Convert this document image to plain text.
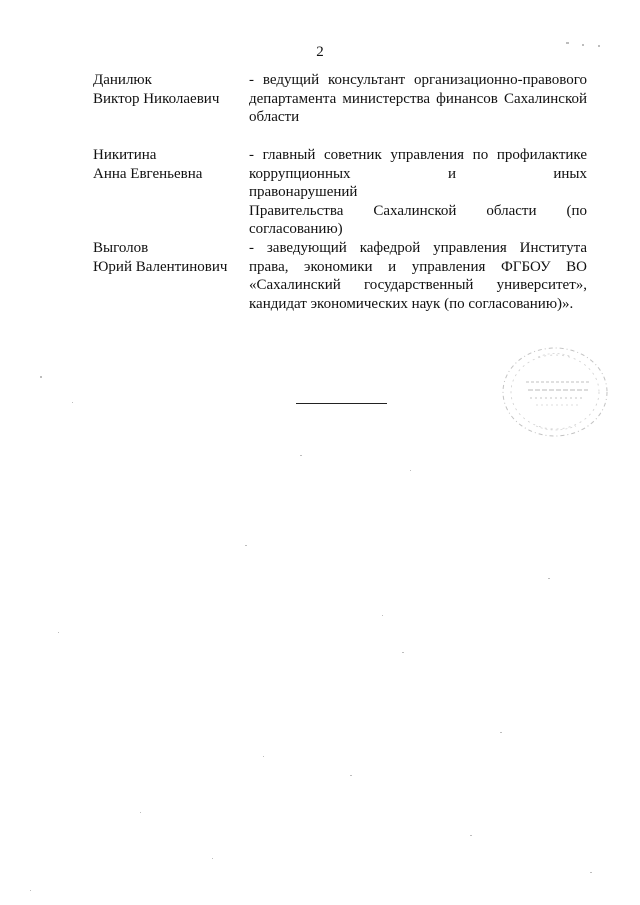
2
Данилюк
Виктор Николаевич
- ведущий консультант организационно-правового
департамента министерства финансов Сахалинской
области
Никитина
Анна Евгеньевна
- главный советник управления по профилактике
коррупционных и иных правонарушений
Правительства Сахалинской области (по
согласованию)
Выголов
Юрий Валентинович
- заведующий кафедрой управления Института
права, экономики и управления ФГБОУ ВО
«Сахалинский государственный университет»,
кандидат экономических наук (по согласованию)».
